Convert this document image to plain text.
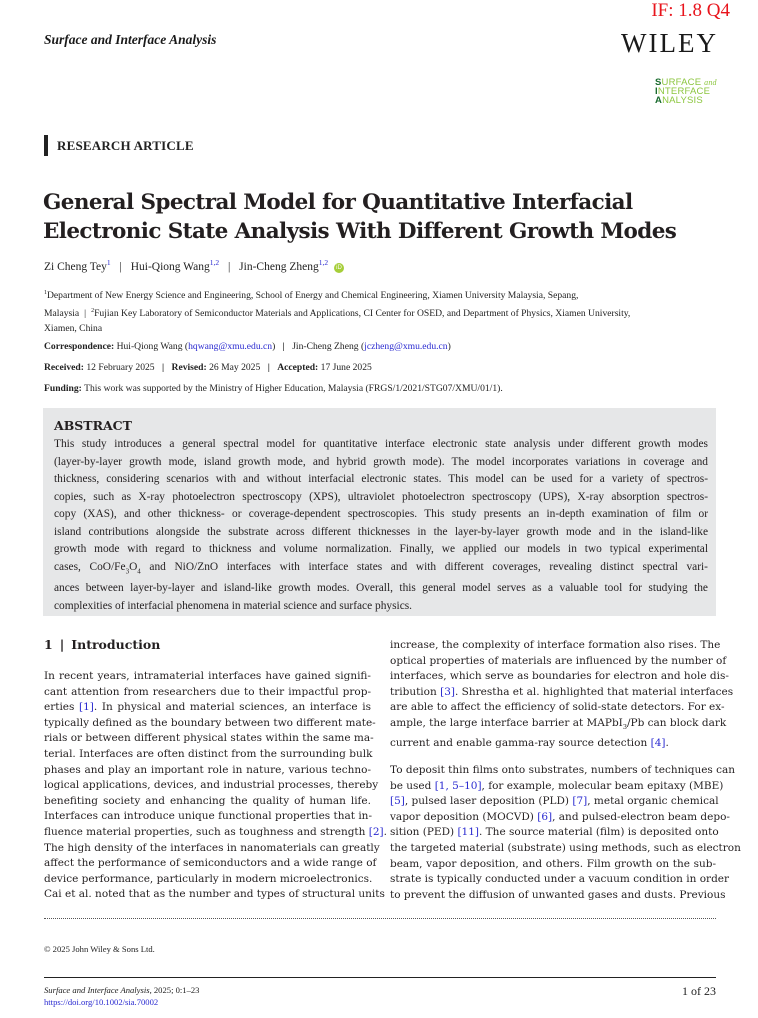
IF: 1.8 Q4
Surface and Interface Analysis	WILEY
SURFACE and
INTERFACE
ANALYSIS
RESEARCH ARTICLE
General Spectral Model for Quantitative Interfacial
Electronic State Analysis With Different Growth Modes
Zi Cheng Tey$^1$ | Hui-Qiong Wang$^{1,2}$ | Jin-Cheng Zheng$^{1,2}$ iD
$^1$Department of New Energy Science and Engineering, School of Energy and Chemical Engineering, Xiamen University Malaysia, Sepang,
Malaysia | $^2$Fujian Key Laboratory of Semiconductor Materials and Applications, CI Center for OSED, and Department of Physics, Xiamen University,
Xiamen, China
Correspondence: Hui-Qiong Wang (hqwang@xmu.edu.cn) | Jin-Cheng Zheng (jczheng@xmu.edu.cn)
Received: 12 February 2025 | Revised: 26 May 2025 | Accepted: 17 June 2025
Funding: This work was supported by the Ministry of Higher Education, Malaysia (FRGS/1/2021/STG07/XMU/01/1).
ABSTRACT
This study introduces a general spectral model for quantitative interface electronic state analysis under different growth modes
(layer-by-layer growth mode, island growth mode, and hybrid growth mode). The model incorporates variations in coverage and
thickness, considering scenarios with and without interfacial electronic states. This model can be used for a variety of spectros-
copies, such as X-ray photoelectron spectroscopy (XPS), ultraviolet photoelectron spectroscopy (UPS), X-ray absorption spectros-
copy (XAS), and other thickness- or coverage-dependent spectroscopies. This study presents an in-depth examination of film or
island contributions alongside the substrate across different thicknesses in the layer-by-layer growth mode and in the island-like
growth mode with regard to thickness and volume normalization. Finally, we applied our models in two typical experimental
cases, CoO/$Fe_3O_4$ and NiO/ZnO interfaces with interface states and with different coverages, revealing distinct spectral vari-
ances between layer-by-layer and island-like growth modes. Overall, this general model serves as a valuable tool for studying the
complexities of interfacial phenomena in material science and surface physics.
1 | Introduction
In recent years, intramaterial interfaces have gained signifi-
cant attention from researchers due to their impactful prop-
erties [1]. In physical and material sciences, an interface is
typically defined as the boundary between two different mate-
rials or between different physical states within the same ma-
terial. Interfaces are often distinct from the surrounding bulk
phases and play an important role in nature, various techno-
logical applications, devices, and industrial processes, thereby
benefiting society and enhancing the quality of human life.
Interfaces can introduce unique functional properties that in-
fluence material properties, such as toughness and strength [2].
The high density of the interfaces in nanomaterials can greatly
affect the performance of semiconductors and a wide range of
device performance, particularly in modern microelectronics.
Cai et al. noted that as the number and types of structural units
increase, the complexity of interface formation also rises. The
optical properties of materials are influenced by the number of
interfaces, which serve as boundaries for electron and hole dis-
tribution [3]. Shrestha et al. highlighted that material interfaces
are able to affect the efficiency of solid-state detectors. For ex-
ample, the large interface barrier at MAPbI$_3$/Pb can block dark
current and enable gamma-ray source detection [4].
To deposit thin films onto substrates, numbers of techniques can
be used [1, 5–10], for example, molecular beam epitaxy (MBE)
[5], pulsed laser deposition (PLD) [7], metal organic chemical
vapor deposition (MOCVD) [6], and pulsed-electron beam depo-
sition (PED) [11]. The source material (film) is deposited onto
the targeted material (substrate) using methods, such as electron
beam, vapor deposition, and others. Film growth on the sub-
strate is typically conducted under a vacuum condition in order
to prevent the diffusion of unwanted gases and dusts. Previous
© 2025 John Wiley & Sons Ltd.
Surface and Interface Analysis, 2025; 0:1–23
https://doi.org/10.1002/sia.70002
1 of 23
